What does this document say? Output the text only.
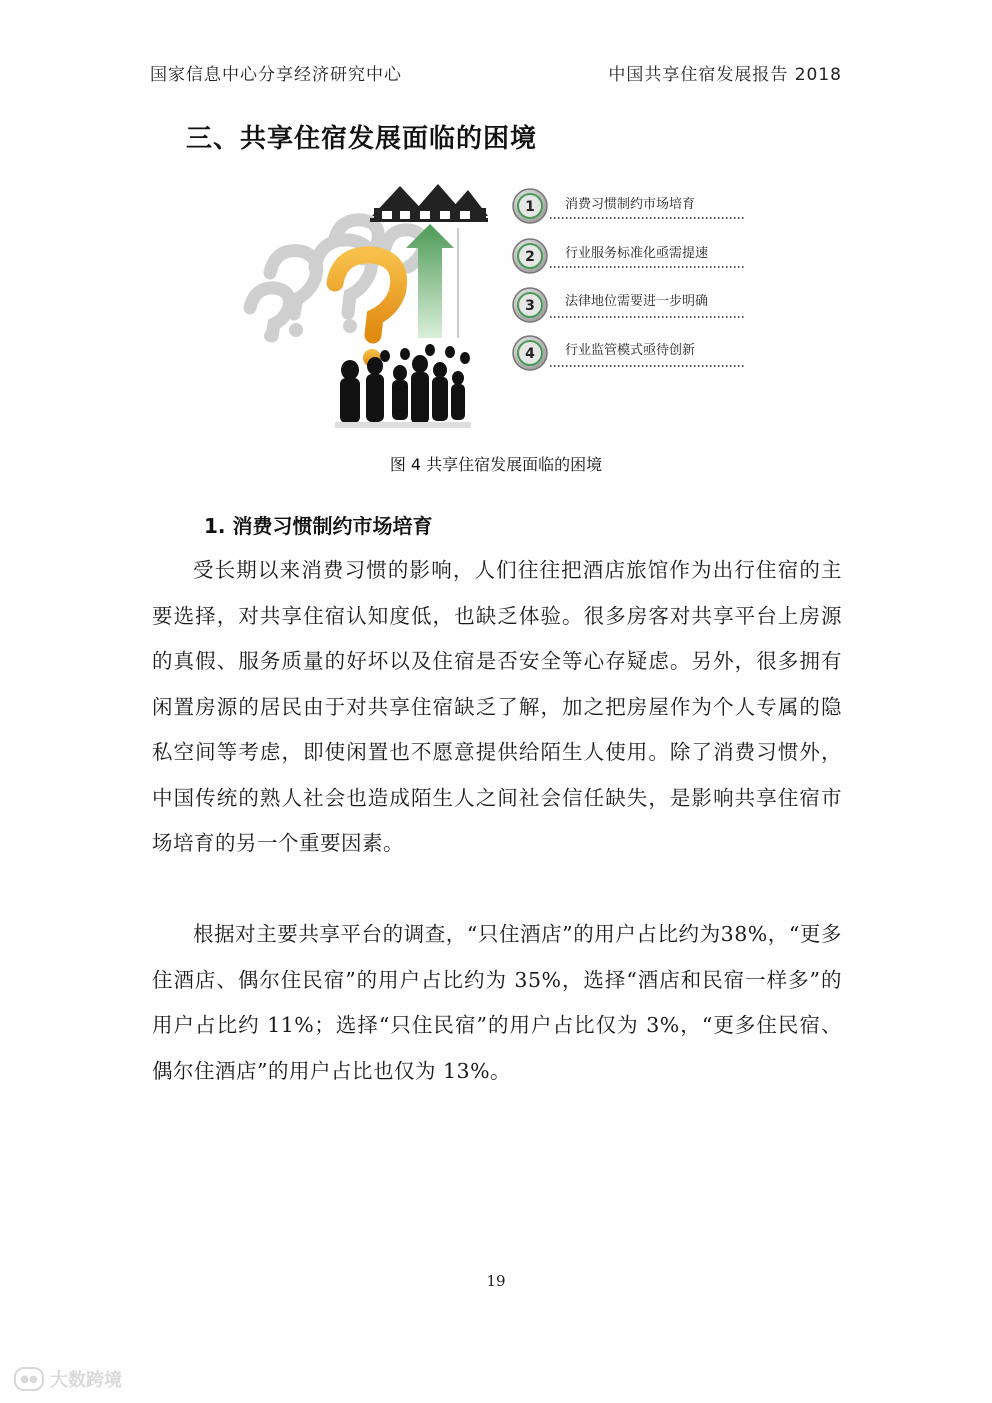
国家信息中心分享经济研究中心	中国共享住宿发展报告 2018
三、共享住宿发展面临的困境
1 消费习惯制约市场培育
2 行业服务标准化亟需提速
3 法律地位需要进一步明确
4 行业监管模式亟待创新
图 4 共享住宿发展面临的困境
1. 消费习惯制约市场培育

受长期以来消费习惯的影响，人们往往把酒店旅馆作为出行住宿的主要选择，对共享住宿认知度低，也缺乏体验。很多房客对共享平台上房源的真假、服务质量的好坏以及住宿是否安全等心存疑虑。另外，很多拥有闲置房源的居民由于对共享住宿缺乏了解，加之把房屋作为个人专属的隐私空间等考虑，即使闲置也不愿意提供给陌生人使用。除了消费习惯外，中国传统的熟人社会也造成陌生人之间社会信任缺失，是影响共享住宿市场培育的另一个重要因素。

根据对主要共享平台的调查，“只住酒店”的用户占比约为38%，“更多住酒店、偶尔住民宿”的用户占比约为 35%，选择“酒店和民宿一样多”的用户占比约 11%；选择“只住民宿”的用户占比仅为 3%，“更多住民宿、偶尔住酒店”的用户占比也仅为 13%。

19
●● 大数跨境
